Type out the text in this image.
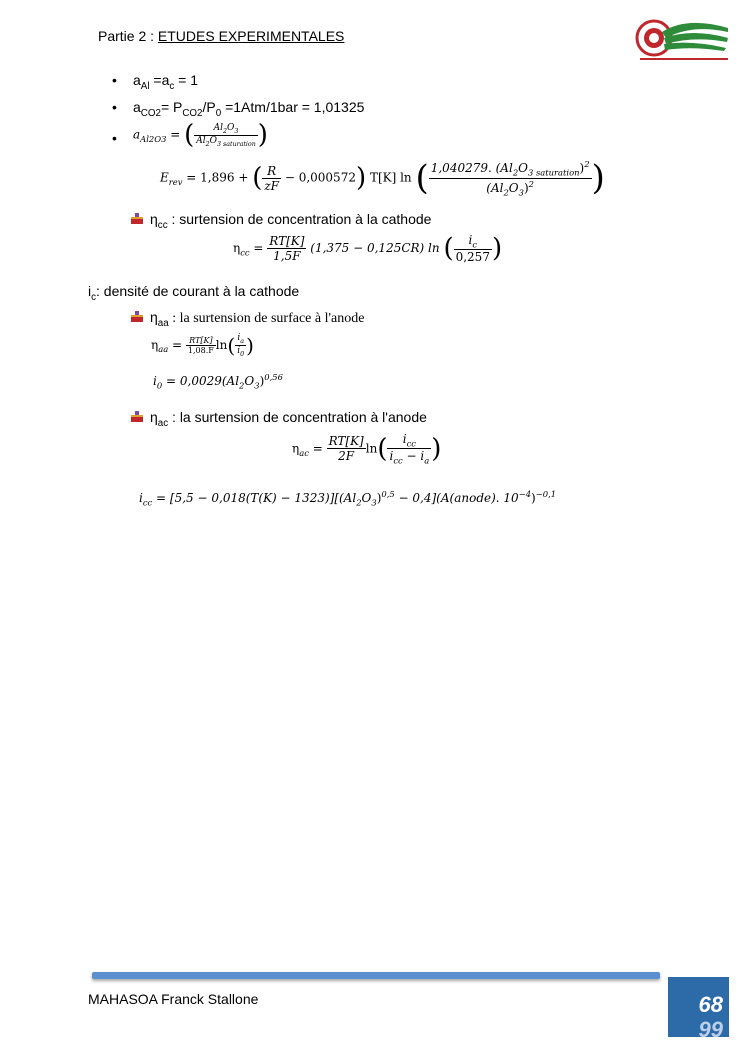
Partie 2 : ETUDES EXPERIMENTALES
• $a_{Al} =a_c = 1$
• $a_{CO2}= P_{CO2}/P_0 =1Atm/1bar = 1,01325$
• $a_{Al2O3}$ = ( $\frac{Al_2O_3}{Al_2O_{3 saturation}}$ )
$E_{rev} = 1,896$ + ( $\frac{R}{zF} - 0,000572$) T[K] ln ( $\frac{1,040279. (Al_2O_{3 saturation})^2}{(Al_2O_3)^2}$ )
$\eta_{cc}$ : surtension de concentration à la cathode
$\eta_{cc} = \frac{RT[K]}{1,5F} (1,375 - 0,125CR)$ ln ( $\frac{i_c}{0,257}$ )
$i_c$: densité de courant à la cathode
$\eta_{aa}$ : la surtension de surface à l'anode
$\eta_{aa} = \frac{RT[K]}{1,08.F} \ln( \frac{i_a}{i_0}$ )
$i_0 = 0,0029(Al_2O_3)^{0,56}$
$\eta_{ac}$ : la surtension de concentration à l'anode
$\eta_{ac} = \frac{RT[K]}{2F} \ln( \frac{i_{cc}}{i_{cc} - i_a}$ )
$i_{cc} = [5,5 - 0,018(T(K) - 1323)][(Al_2O_3)^{0,5}$ − 0,4](A(anode). $10^{-4})^{-0,1}$
MAHASOA Franck Stallone	68
99
